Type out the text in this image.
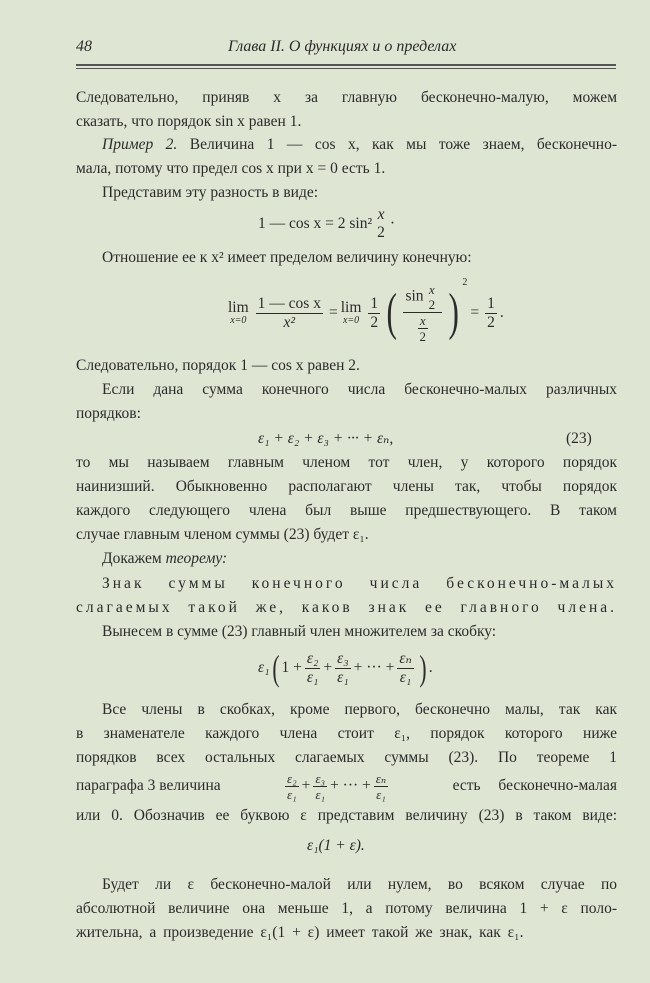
48	Глава II. О функциях и о пределах
Следовательно, приняв x за главную бесконечно-малую, можем
сказать, что порядок sin x равен 1.
Пример 2. Величина 1 — cos x, как мы тоже знаем, бесконечно-
мала, потому что предел cos x при x = 0 есть 1.
Представим эту разность в виде:
1 — cos x = 2 sin²
x
2
·
Отношение ее к x² имеет пределом величину конечную:
lim
$x=0 \frac{\text{1 — cos x}}{\text{x²}} = \lim$
$x=0 \frac{1}{2}$ ( sin x
2
$\frac{x}{2}$ )
$^2$
= $\frac{1}{2}$ .
Следовательно, порядок 1 — cos x равен 2.
Если дана сумма конечного числа бесконечно-малых различных
порядков:
ε₁ + ε₂ + ε₃ + ··· + εₙ,	(23)
то мы называем главным членом тот член, у которого порядок
наинизший. Обыкновенно располагают члены так, чтобы порядок
каждого следующего члена был выше предшествующего. В таком
случае главным членом суммы (23) будет ε₁.
Докажем теорему:
Знак суммы конечного числа бесконечно-малых
слагаемых такой же, каков знак ее главного члена.
Вынесем в сумме (23) главный член множителем за скобку:
ε₁ ( $1 + \frac{\text{ε₂}}{\text{ε₁}} + \frac{\text{ε₃}}{\text{ε₁}}$ + ··· + $\frac{\text{εₙ}}{\text{ε₁}}$ ) .
Все члены в скобках, кроме первого, бесконечно малы, так как
в знаменателе каждого члена стоит ε₁, порядок которого ниже
порядков всех остальных слагаемых суммы (23). По теореме 1
параграфа 3 величина	$\frac{\text{ε₂}}{\text{ε₁}} + \frac{\text{ε₃}}{\text{ε₁}}$ + ··· + $\frac{\text{εₙ}}{\text{ε₁}}$	есть бесконечно-малая
или 0. Обозначив ее буквою ε представим величину (23) в таком виде:
ε₁(1 + ε).
Будет ли ε бесконечно-малой или нулем, во всяком случае по
абсолютной величине она меньше 1, а потому величина 1 + ε поло-
жительна, а произведение ε₁(1 + ε) имеет такой же знак, как ε₁.
